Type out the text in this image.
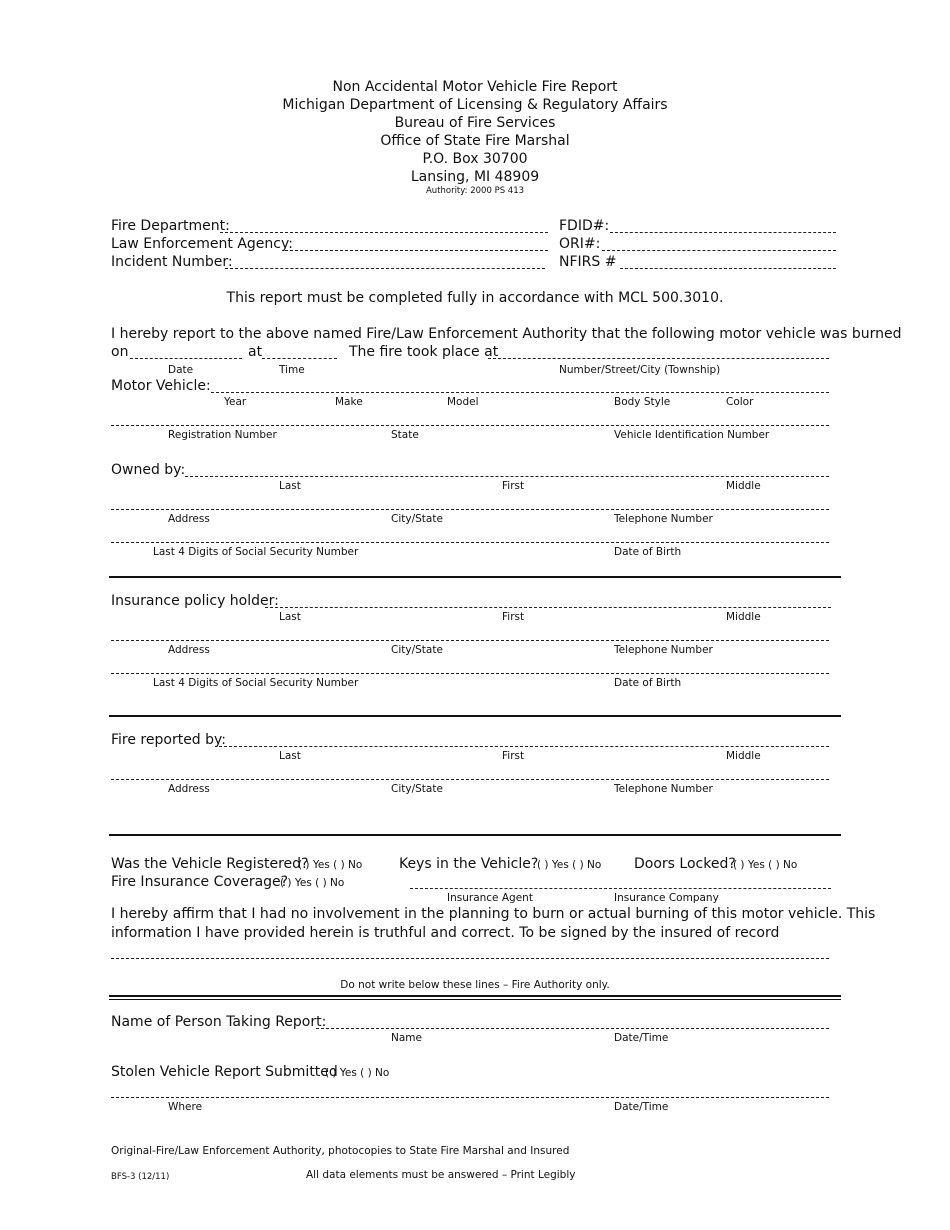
Non Accidental Motor Vehicle Fire Report
Michigan Department of Licensing & Regulatory Affairs
Bureau of Fire Services
Office of State Fire Marshal
P.O. Box 30700
Lansing, MI 48909
Authority: 2000 PS 413
Fire Department:	FDID#:
Law Enforcement Agency:	ORI#:
Incident Number:	NFIRS #
This report must be completed fully in accordance with MCL 500.3010.
I hereby report to the above named Fire/Law Enforcement Authority that the following motor vehicle was burned
on	at	The fire took place at
Date	Time	Number/Street/City (Township)
Motor Vehicle:
Year	Make	Model	Body Style	Color
Registration Number	State	Vehicle Identification Number
Owned by:
Last	First	Middle
Address	City/State	Telephone Number
Last 4 Digits of Social Security Number	Date of Birth
Insurance policy holder:
Last	First	Middle
Address	City/State	Telephone Number
Last 4 Digits of Social Security Number	Date of Birth
Fire reported by:
Last	First	Middle
Address	City/State	Telephone Number
Was the Vehicle Registered?
( ) Yes ( ) No	Keys in the Vehicle?
( ) Yes ( ) No Doors Locked?
( ) Yes ( ) No
Fire Insurance Coverage?
( ) Yes ( ) No
Insurance Agent	Insurance Company
I hereby affirm that I had no involvement in the planning to burn or actual burning of this motor vehicle. This
information I have provided herein is truthful and correct. To be signed by the insured of record
Do not write below these lines – Fire Authority only.
Name of Person Taking Report:
Name	Date/Time
Stolen Vehicle Report Submitted
( ) Yes ( ) No
Where	Date/Time
Original-Fire/Law Enforcement Authority, photocopies to State Fire Marshal and Insured
BFS-3 (12/11)	All data elements must be answered – Print Legibly
